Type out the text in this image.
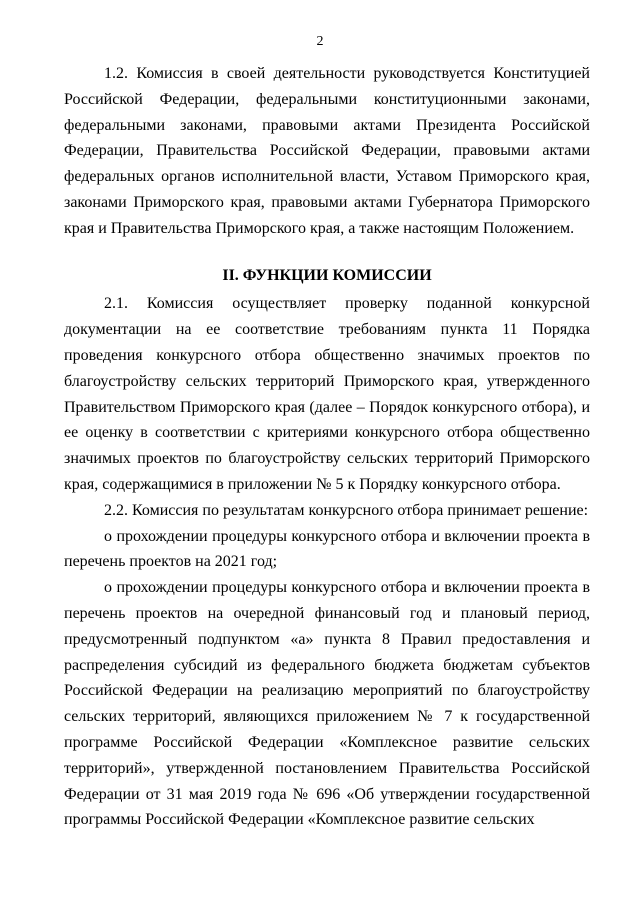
2

1.2. Комиссия в своей деятельности руководствуется Конституцией Российской Федерации, федеральными конституционными законами, федеральными законами, правовыми актами Президента Российской Федерации, Правительства Российской Федерации, правовыми актами федеральных органов исполнительной власти, Уставом Приморского края, законами Приморского края, правовыми актами Губернатора Приморского края и Правительства Приморского края, а также настоящим Положением.

II. ФУНКЦИИ КОМИССИИ

2.1. Комиссия осуществляет проверку поданной конкурсной документации на ее соответствие требованиям пункта 11 Порядка проведения конкурсного отбора общественно значимых проектов по благоустройству сельских территорий Приморского края, утвержденного Правительством Приморского края (далее – Порядок конкурсного отбора), и ее оценку в соответствии с критериями конкурсного отбора общественно значимых проектов по благоустройству сельских территорий Приморского края, содержащимися в приложении № 5 к Порядку конкурсного отбора.

2.2. Комиссия по результатам конкурсного отбора принимает решение:

о прохождении процедуры конкурсного отбора и включении проекта в перечень проектов на 2021 год;

о прохождении процедуры конкурсного отбора и включении проекта в перечень проектов на очередной финансовый год и плановый период, предусмотренный подпунктом «а» пункта 8 Правил предоставления и распределения субсидий из федерального бюджета бюджетам субъектов Российской Федерации на реализацию мероприятий по благоустройству сельских территорий, являющихся приложением № 7 к государственной программе Российской Федерации «Комплексное развитие сельских территорий», утвержденной постановлением Правительства Российской Федерации от 31 мая 2019 года № 696 «Об утверждении государственной программы Российской Федерации «Комплексное развитие сельских
